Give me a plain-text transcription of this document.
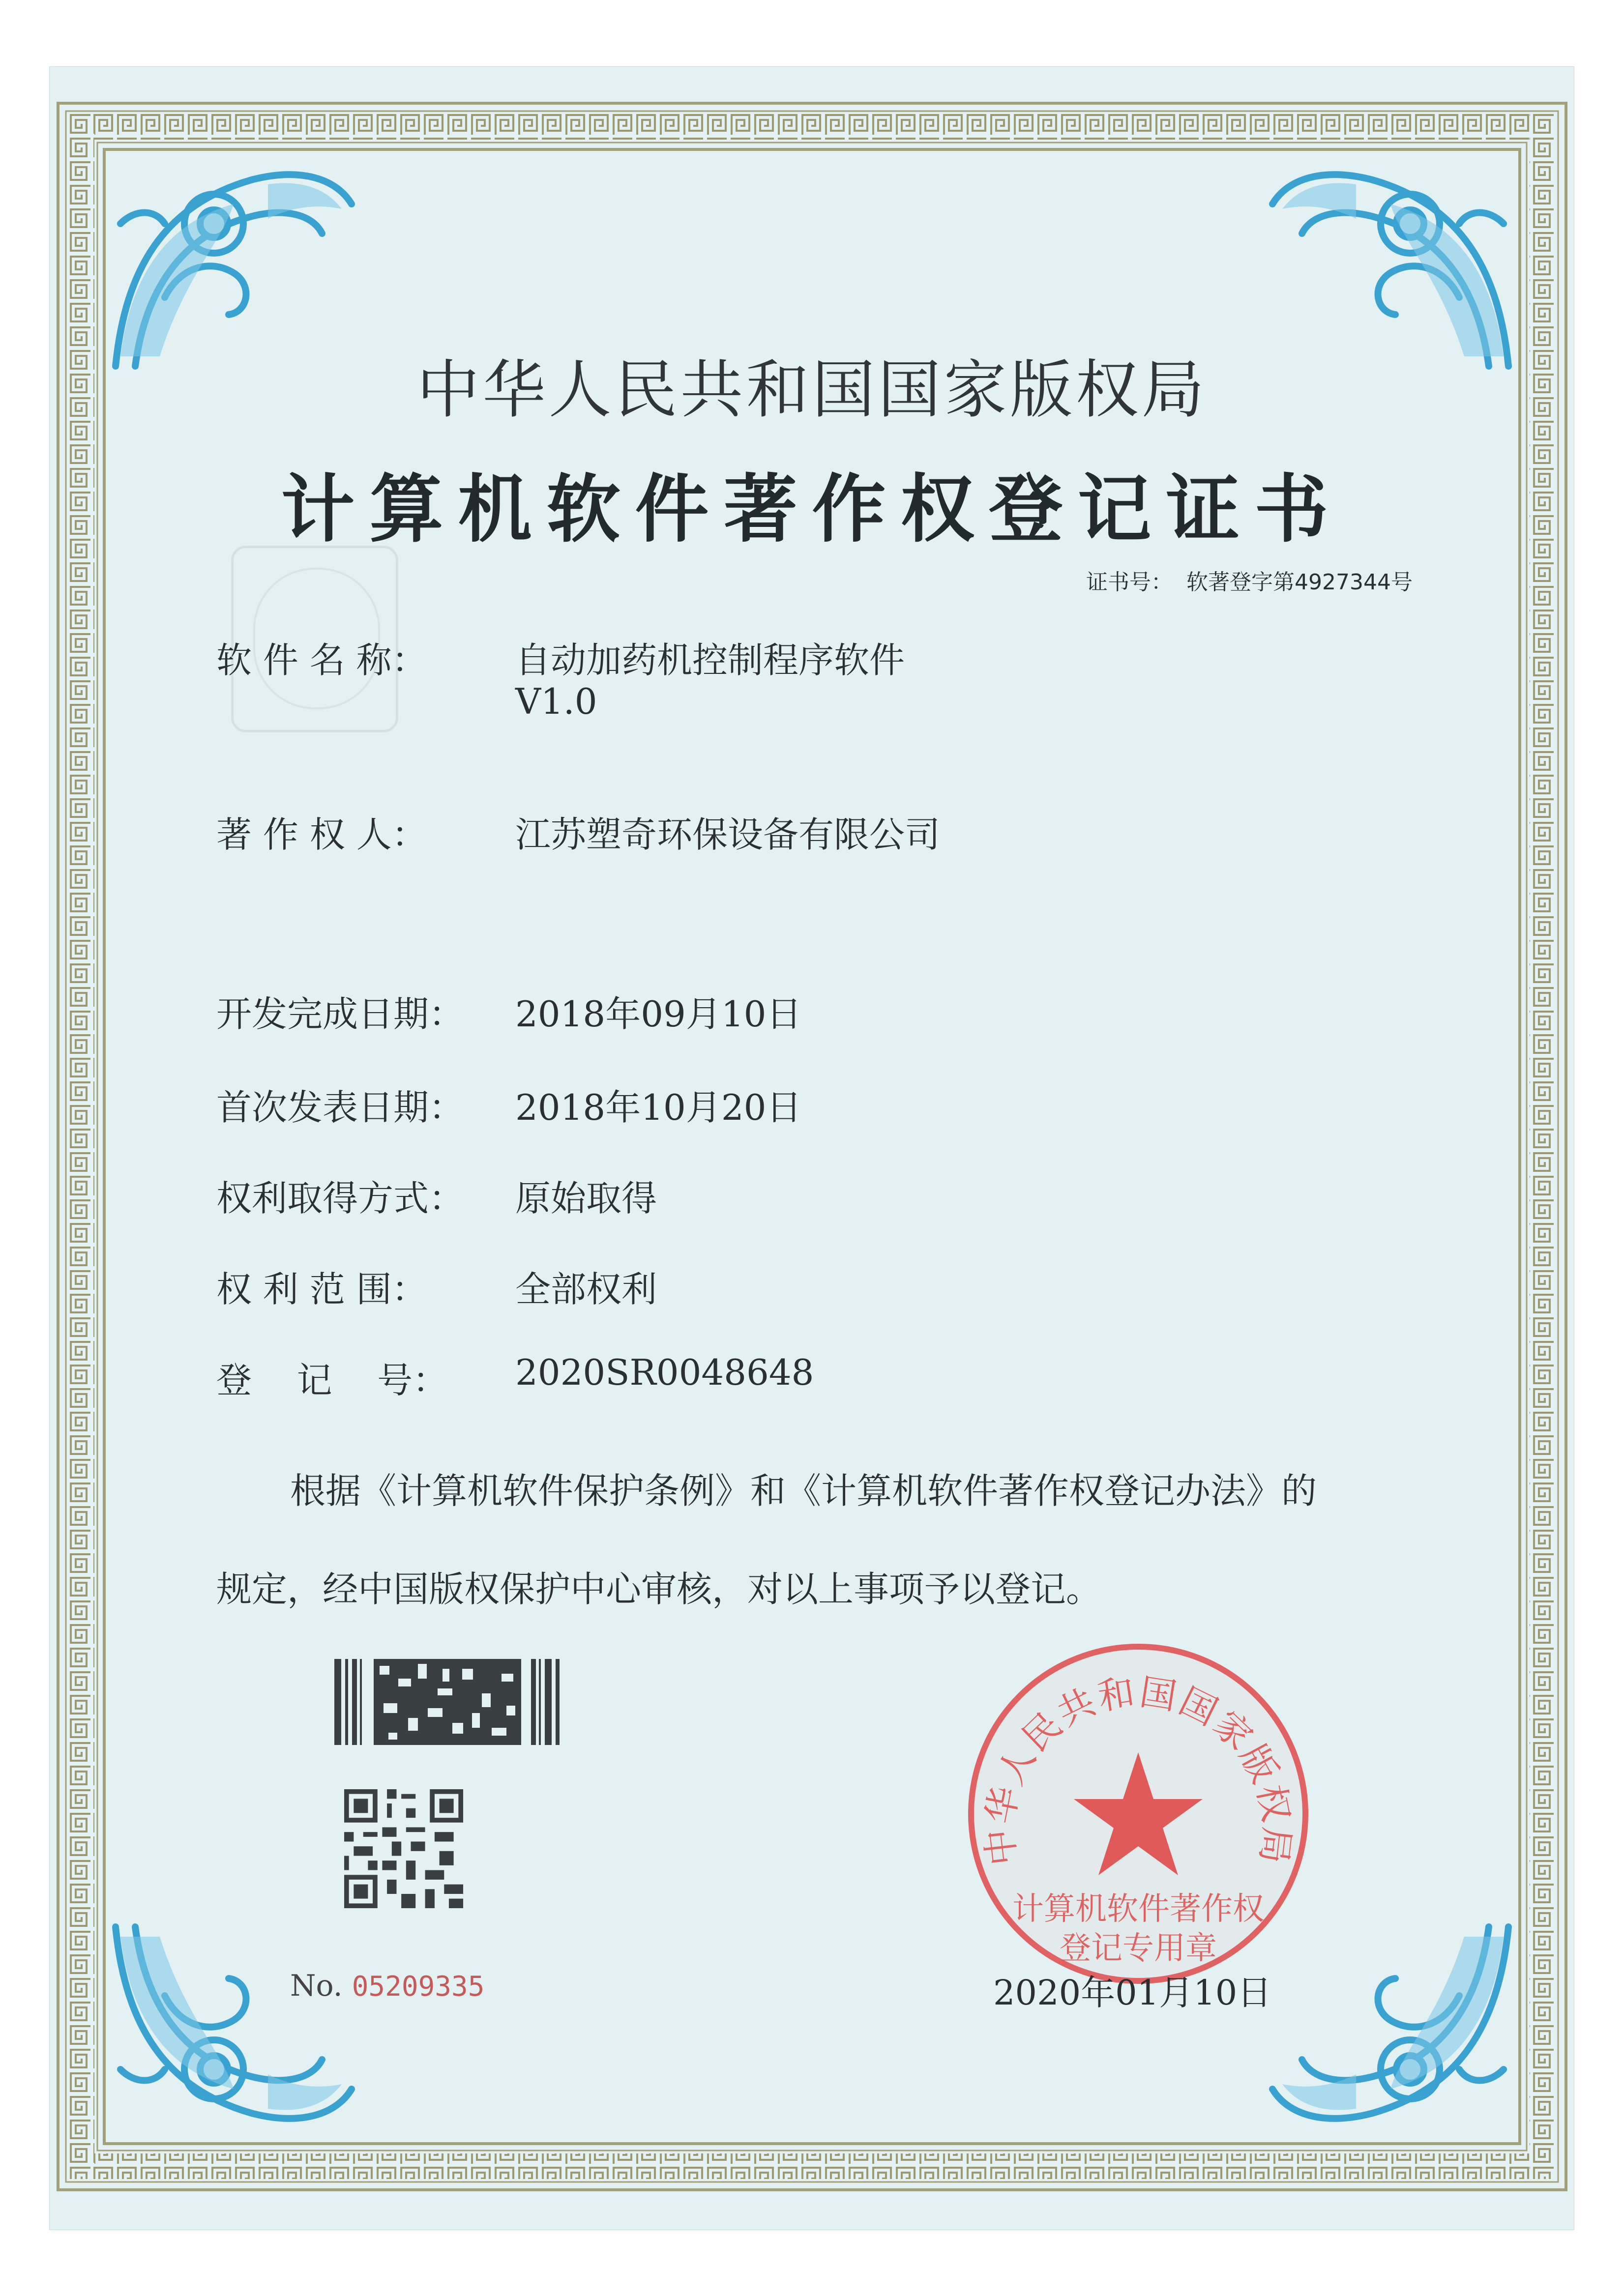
中华人民共和国国家版权局
计算机软件著作权登记证书
证书号： 软著登字第4927344号
软 件 名 称： 自动加药机控制程序软件
V1.0
著 作 权 人： 江苏塑奇环保设备有限公司
开发完成日期： 2018年09月10日
首次发表日期： 2018年10月20日
权利取得方式： 原始取得
权 利 范 围： 全部权利
登    记    号： 2020SR0048648
根据《计算机软件保护条例》和《计算机软件著作权登记办法》的
规定，经中国版权保护中心审核，对以上事项予以登记。
No. 05209335
中华人民共和国国家版权局
计算机软件著作权
登记专用章
2020年01月10日
